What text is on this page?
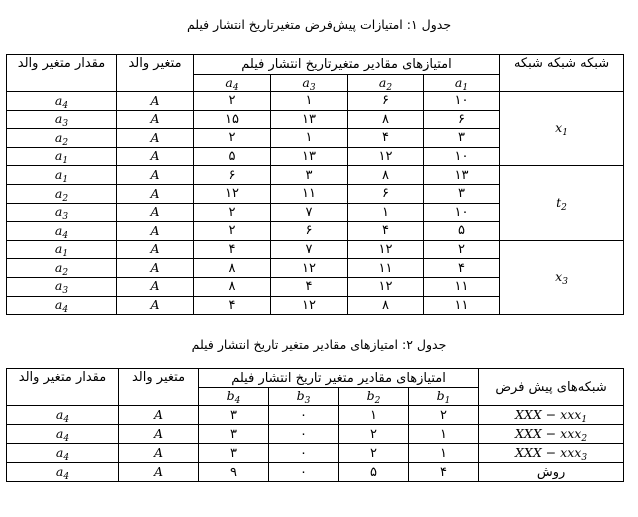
جدول ۱: امتیازات پیش‌فرض متغیرتاریخ انتشار فیلم
مقدار متغیر والد	متغیر والد	امتیازهای مقادیر متغیرتاریخ انتشار فیلم				شبکه شبکه شبکه
		$a_4$	$a_3$	$a_2$	$a_1$
$a_4$	A	۲	۱	۶	۱۰	$x_1$
$a_3$	A	۱۵	۱۳	۸	۶	
$a_2$	A	۲	۱	۴	۳	
$a_1$	A	۵	۱۳	۱۲	۱۰	
$a_1$	A	۶	۳	۸	۱۳	$t_2$
$a_2$	A	۱۲	۱۱	۶	۳	
$a_3$	A	۲	۷	۱	۱۰	
$a_4$	A	۲	۶	۴	۵	
$a_1$	A	۴	۷	۱۲	۲	$x_3$
$a_2$	A	۸	۱۲	۱۱	۴	
$a_3$	A	۸	۴	۱۲	۱۱	
$a_4$	A	۴	۱۲	۸	۱۱	
جدول ۲: امتیازهای مقادیر متغیر تاریخ انتشار فیلم
مقدار متغیر والد	متغیر والد	امتیازهای مقادیر متغیر تاریخ انتشار فیلم				شبکه‌های پیش فرض
		$b_4$	$b_3$	$b_2$	$b_1$
$a_4$	A	۳	۰	۱	۲	XXX − xxx$_1$
$a_4$	A	۳	۰	۲	۱	XXX − xxx$_2$
$a_4$	A	۳	۰	۲	۱	XXX − xxx$_3$
$a_4$	A	۹	۰	۵	۴	روش
